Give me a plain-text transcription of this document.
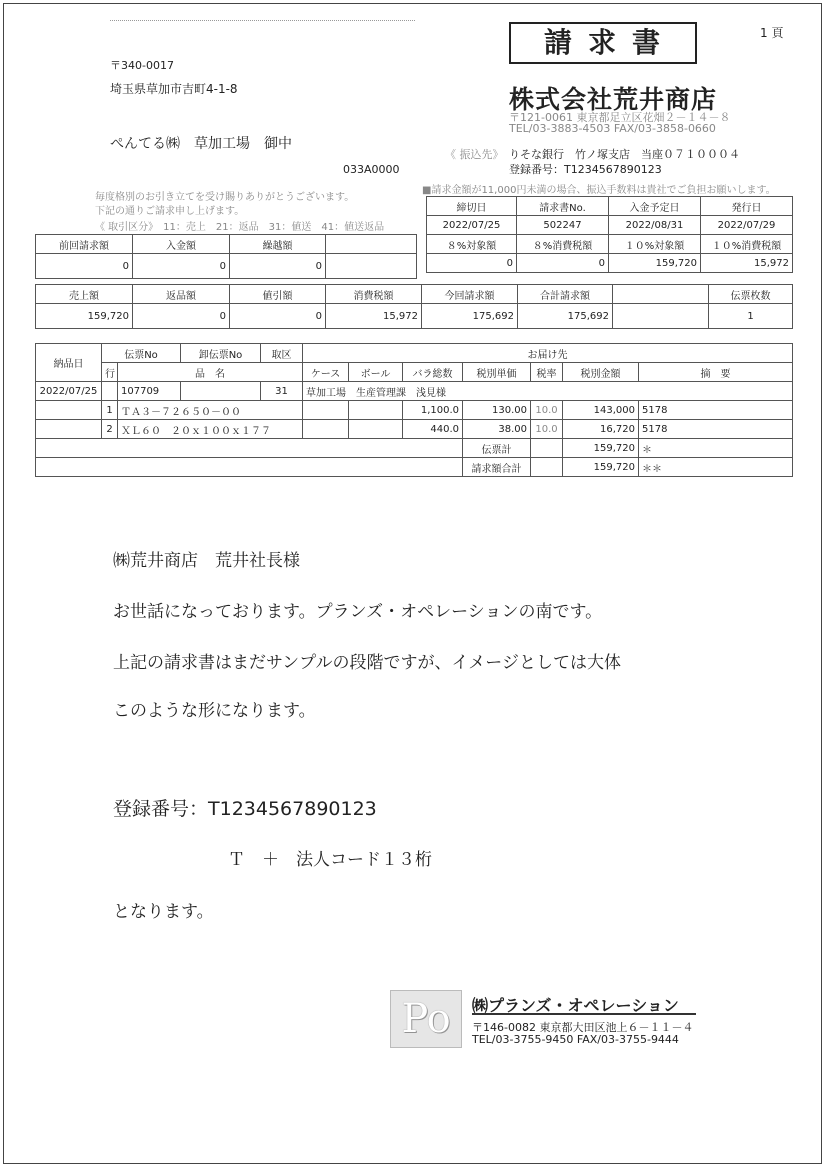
1 頁
〒340-0017
埼玉県草加市吉町4-1-8
ぺんてる㈱　草加工場　御中
033A0000
請求書
株式会社荒井商店
〒121-0061 東京都足立区花畑２－１４－８
TEL/03-3883-4503 FAX/03-3858-0660
《 振込先》 りそな銀行　竹ノ塚支店　当座０７１０００４
登録番号：T1234567890123
毎度格別のお引き立てを受け賜りありがとうございます。
下記の通りご請求申し上げます。
《 取引区分》　11：売上　21：返品　31：値送　41：値送返品
■請求金額が11,000円未満の場合、振込手数料は貴社でご負担お願いします。
締切日	請求書No.	入金予定日	発行日
2022/07/25	502247	2022/08/31	2022/07/29
８%対象額	８%消費税額	１０%対象額	１０%消費税額
0	0	159,720	15,972
前回請求額	入金額	繰越額	
0	0	0	
売上額	返品額	値引額	消費税額	今回請求額	合計請求額		伝票枚数
159,720	0	0	15,972	175,692	175,692		1
納品日	伝票No		卸伝票No	取区	お届け先						
	行	品　名			ケース	ボール	バラ総数	税別単価	税率	税別金額	摘　要
2022/07/25		107709		31	草加工場　生産管理課　浅見様						
	1	ＴＡ３－７２６５０－００					1,100.0	130.00	10.0	143,000	5178
	2	ＸＬ６０　２０ｘ１００ｘ１７７					440.0	38.00	10.0	16,720	5178
								伝票計		159,720	＊
								請求額合計		159,720	＊＊
㈱荒井商店　荒井社長様
お世話になっております。プランズ・オペレーションの南です。
上記の請求書はまだサンプルの段階ですが、イメージとしては大体
このような形になります。
登録番号：T1234567890123
Ｔ　＋　法人コード１３桁
となります。
Po	㈱プランズ・オペレーション
〒146-0082 東京都大田区池上６－１１－４
TEL/03-3755-9450 FAX/03-3755-9444
